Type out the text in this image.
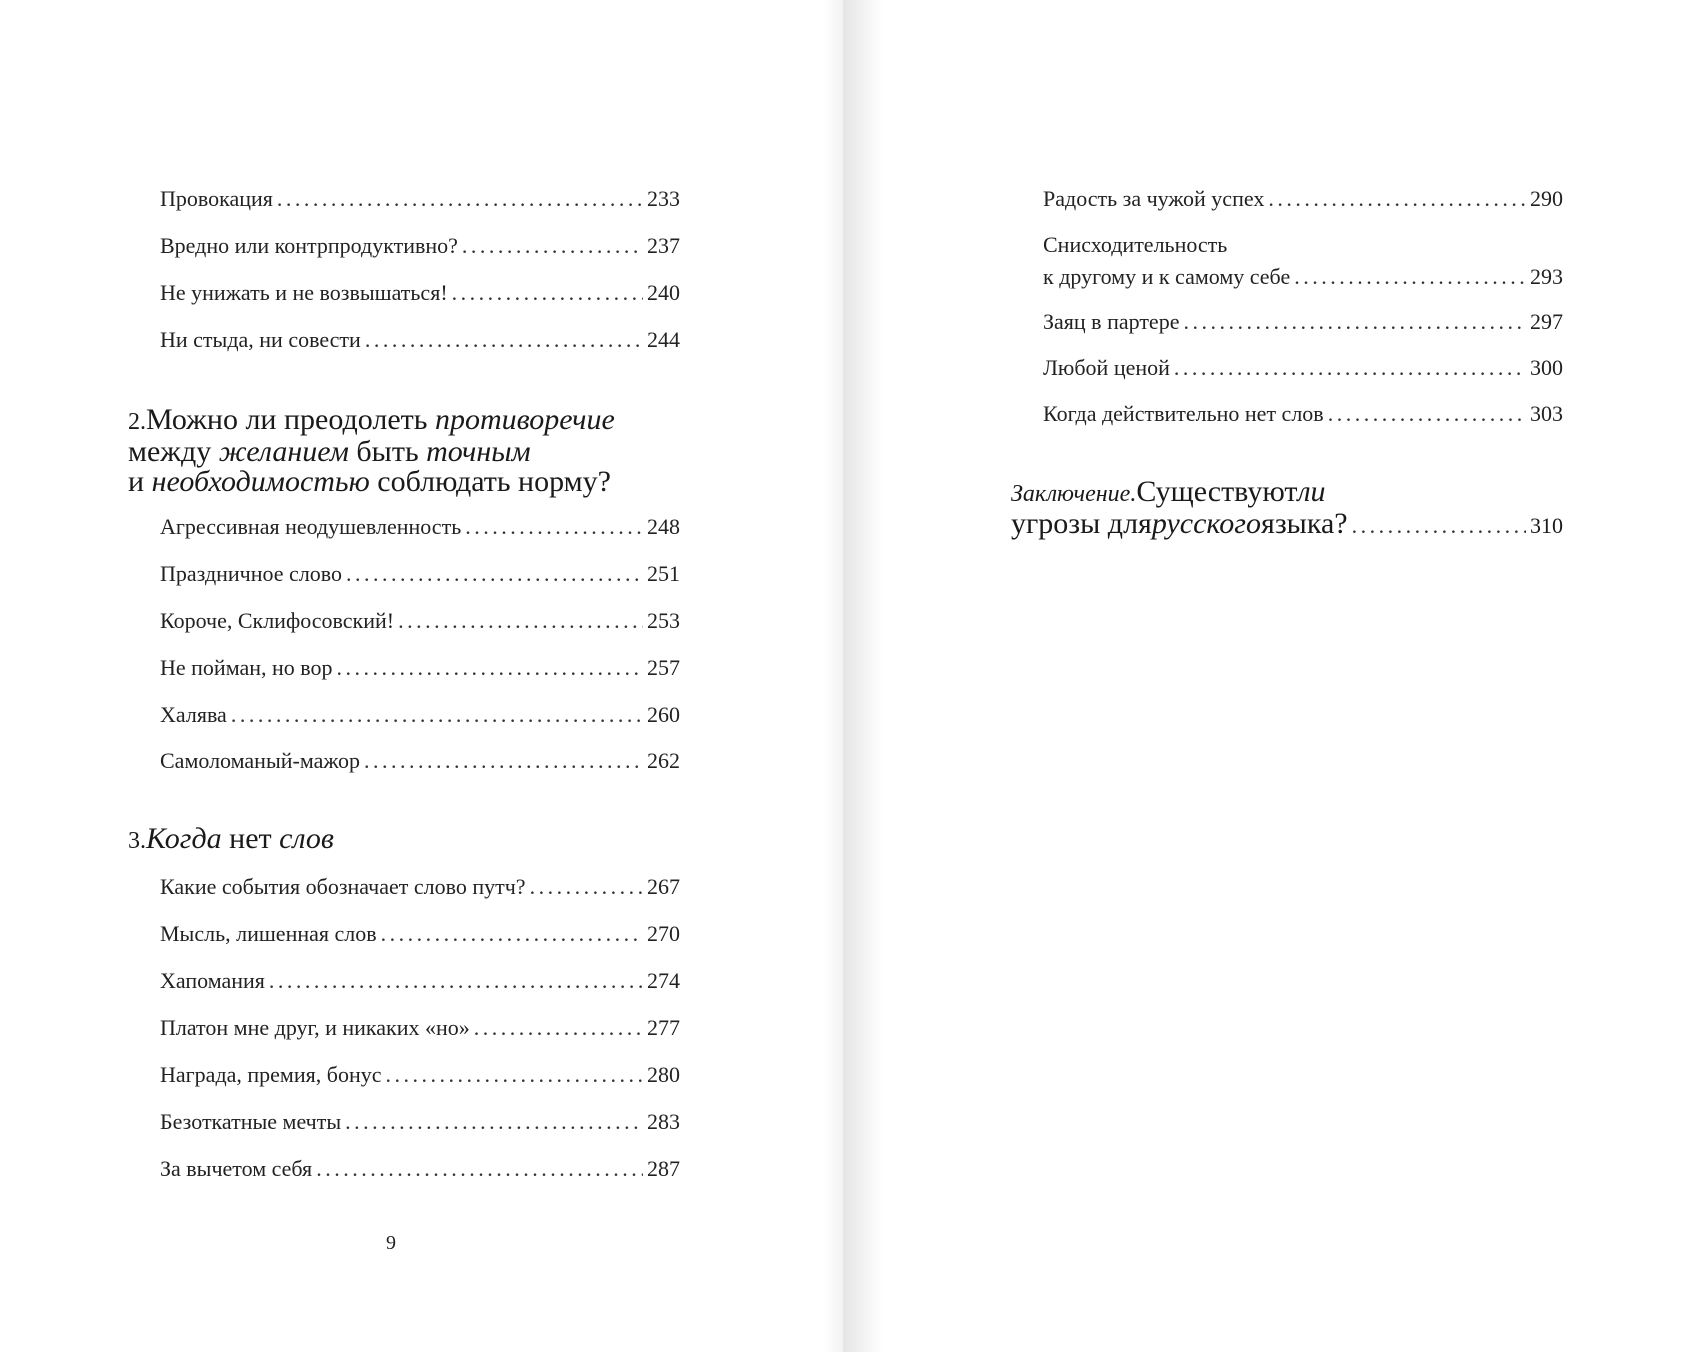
Провокация . . .	233
Вредно или контрпродуктивно? . . .	237
Не унижать и не возвышаться! . . .	240
Ни стыда, ни совести . . .	244
2.Можно ли преодолеть противоречие
между желанием быть точным
и необходимостью соблюдать норму?
Агрессивная неодушевленность . . .	248
Праздничное слово . . .	251
Короче, Склифосовский! . . .	253
Не пойман, но вор . . .	257
Халява . . .	260
Самоломаный-мажор . . .	262
3.Когда нет слов
Какие события обозначает слово путч? . . .	267
Мысль, лишенная слов . . .	270
Хапомания . . .	274
Платон мне друг, и никаких «но» . . .	277
Награда, премия, бонус . . .	280
Безоткатные мечты . . .	283
За вычетом себя . . .	287
9
Радость за чужой успех . . .	290
Снисходительность
к другому и к самому себе . . .	293
Заяц в партере . . .	297
Любой ценой . . .	300
Когда действительно нет слов . . .	303
Заключение. Существуют ли
угрозы для русского языка? . . .	310
